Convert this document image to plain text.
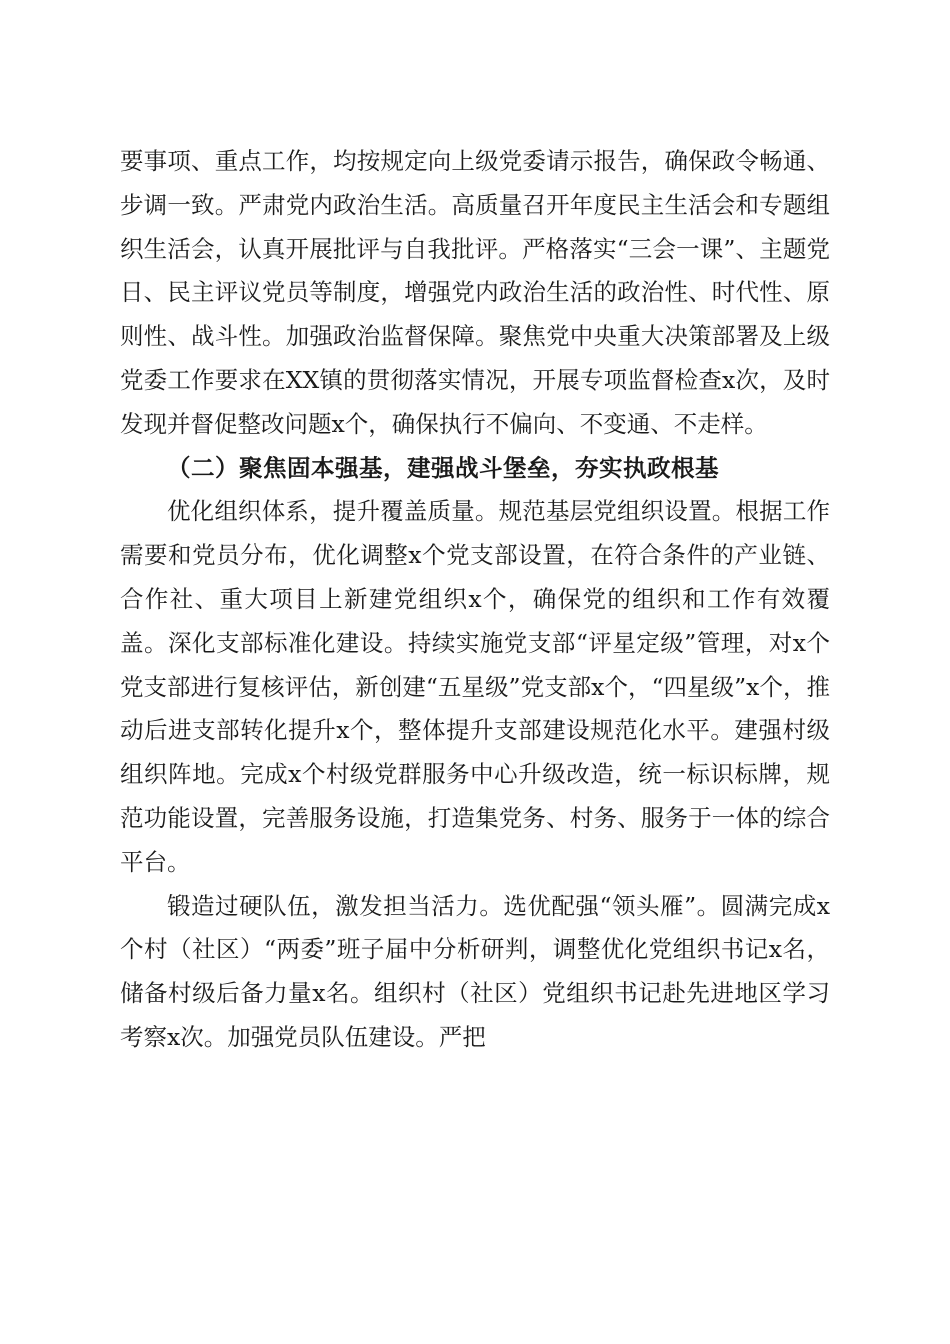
要事项、重点工作，均按规定向上级党委请示报告，确保政令畅通、步调一致。严肃党内政治生活。高质量召开年度民主生活会和专题组织生活会，认真开展批评与自我批评。严格落实“三会一课”、主题党日、民主评议党员等制度，增强党内政治生活的政治性、时代性、原则性、战斗性。加强政治监督保障。聚焦党中央重大决策部署及上级党委工作要求在XX镇的贯彻落实情况，开展专项监督检查x次，及时发现并督促整改问题x个，确保执行不偏向、不变通、不走样。

（二）聚焦固本强基，建强战斗堡垒，夯实执政根基

优化组织体系，提升覆盖质量。规范基层党组织设置。根据工作需要和党员分布，优化调整x个党支部设置，在符合条件的产业链、合作社、重大项目上新建党组织x个，确保党的组织和工作有效覆盖。深化支部标准化建设。持续实施党支部“评星定级”管理，对x个党支部进行复核评估，新创建“五星级”党支部x个，“四星级”x个，推动后进支部转化提升x个，整体提升支部建设规范化水平。建强村级组织阵地。完成x个村级党群服务中心升级改造，统一标识标牌，规范功能设置，完善服务设施，打造集党务、村务、服务于一体的综合平台。

锻造过硬队伍，激发担当活力。选优配强“领头雁”。圆满完成x个村（社区）“两委”班子届中分析研判，调整优化党组织书记x名，储备村级后备力量x名。组织村（社区）党组织书记赴先进地区学习考察x次。加强党员队伍建设。严把
